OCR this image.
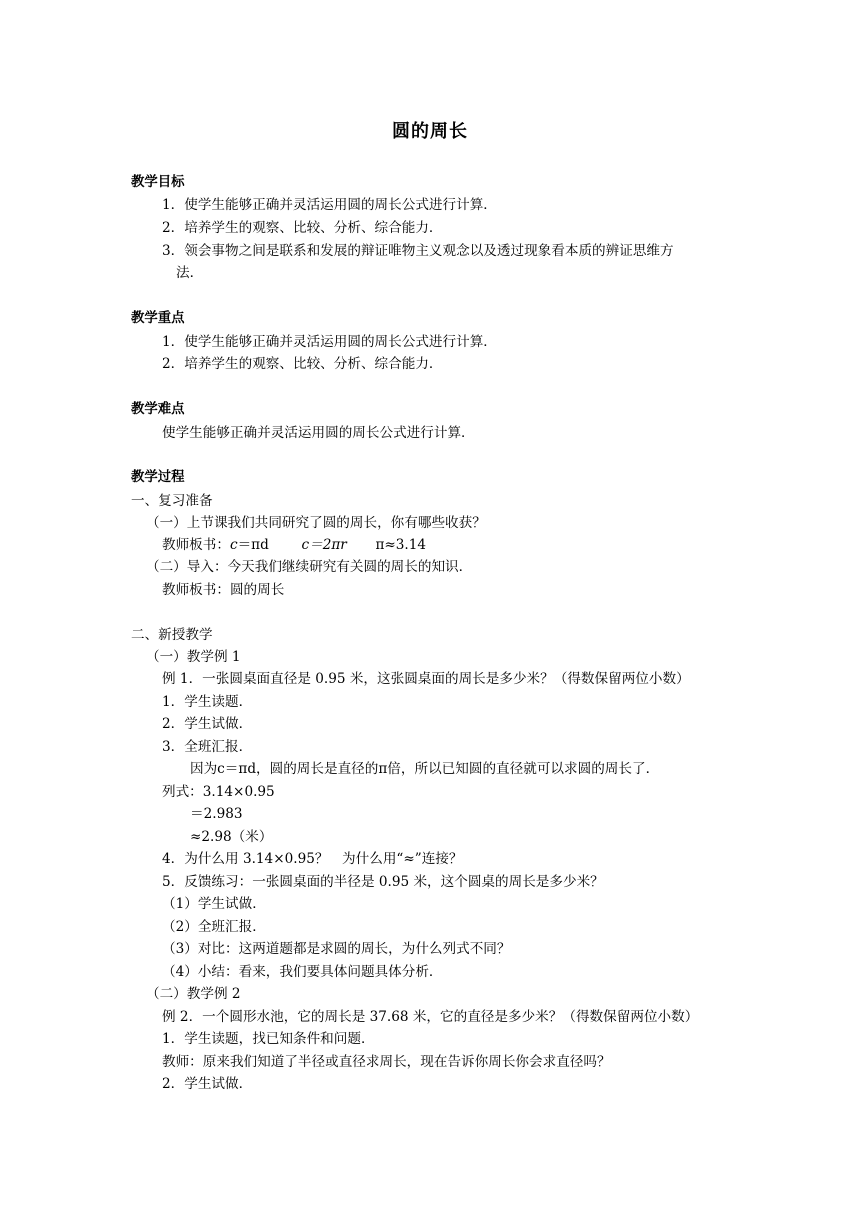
圆的周长
教学目标
1．使学生能够正确并灵活运用圆的周长公式进行计算．
2．培养学生的观察、比较、分析、综合能力．
3．领会事物之间是联系和发展的辩证唯物主义观念以及透过现象看本质的辨证思维方
法．
教学重点
1．使学生能够正确并灵活运用圆的周长公式进行计算．
2．培养学生的观察、比较、分析、综合能力．
教学难点
使学生能够正确并灵活运用圆的周长公式进行计算．
教学过程
一、复习准备
（一）上节课我们共同研究了圆的周长，你有哪些收获？
教师板书：c＝πd c＝2πr π≈3.14
（二）导入：今天我们继续研究有关圆的周长的知识．
教师板书：圆的周长
二、新授教学
（一）教学例 1
例 1．一张圆桌面直径是 0.95 米，这张圆桌面的周长是多少米？（得数保留两位小数）
1．学生读题．
2．学生试做．
3．全班汇报．
因为c＝πd，圆的周长是直径的π倍，所以已知圆的直径就可以求圆的周长了．
列式：3.14×0.95
＝2.983
≈2.98（米）
4．为什么用 3.14×0.95？　为什么用“≈”连接？
5．反馈练习：一张圆桌面的半径是 0.95 米，这个圆桌的周长是多少米？
（1）学生试做．
（2）全班汇报．
（3）对比：这两道题都是求圆的周长，为什么列式不同？
（4）小结：看来，我们要具体问题具体分析．
（二）教学例 2
例 2．一个圆形水池，它的周长是 37.68 米，它的直径是多少米？（得数保留两位小数）
1．学生读题，找已知条件和问题．
教师：原来我们知道了半径或直径求周长，现在告诉你周长你会求直径吗？
2．学生试做．
